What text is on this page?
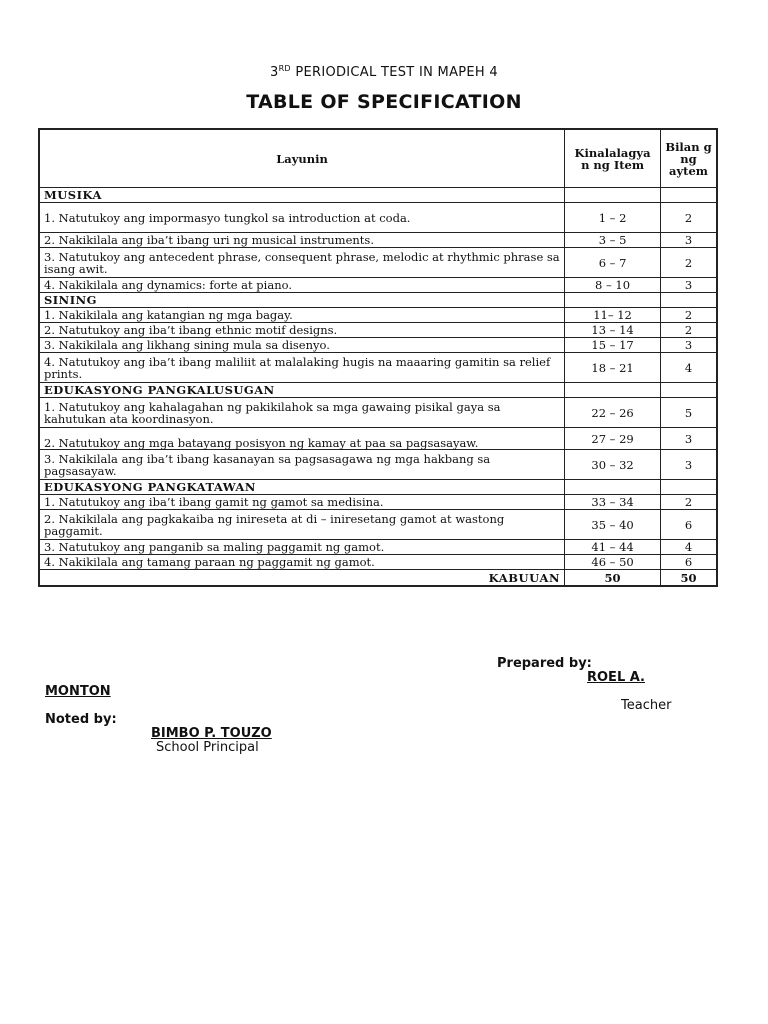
3RD PERIODICAL TEST IN MAPEH 4
TABLE OF SPECIFICATION
Layunin	Kinalalagya n ng Item	Bilan g ng aytem
MUSIKA		
1. Natutukoy ang impormasyo tungkol sa introduction at coda.	1 – 2	2
2. Nakikilala ang iba’t ibang uri ng musical instruments.	3 – 5	3
3. Natutukoy ang antecedent phrase, consequent phrase, melodic at rhythmic phrase sa isang awit.	6 – 7	2
4. Nakikilala ang dynamics: forte at piano.	8 – 10	3
SINING		
1. Nakikilala ang katangian ng mga bagay.	11– 12	2
2. Natutukoy ang iba’t ibang ethnic motif designs.	13 – 14	2
3. Nakikilala ang likhang sining mula sa disenyo.	15 – 17	3
4. Natutukoy ang iba’t ibang maliliit at malalaking hugis na maaaring gamitin sa relief prints.	18 – 21	4
EDUKASYONG PANGKALUSUGAN		
1. Natutukoy ang kahalagahan ng pakikilahok sa mga gawaing pisikal gaya sa kahutukan ata koordinasyon.	22 – 26	5
2. Natutukoy ang mga batayang posisyon ng kamay at paa sa pagsasayaw.	27 – 29	3
3. Nakikilala ang iba’t ibang kasanayan sa pagsasagawa ng mga hakbang sa pagsasayaw.	30 – 32	3
EDUKASYONG PANGKATAWAN		
1. Natutukoy ang iba’t ibang gamit ng gamot sa medisina.	33 – 34	2
2. Nakikilala ang pagkakaiba ng inireseta at di – iniresetang gamot at wastong paggamit.	35 – 40	6
3. Natutukoy ang panganib sa maling paggamit ng gamot.	41 – 44	4
4. Nakikilala ang tamang paraan ng paggamit ng gamot.	46 – 50	6
KABUUAN	50	50
Prepared by:
ROEL A.
MONTON
Teacher
Noted by:
BIMBO P. TOUZO
School Principal
